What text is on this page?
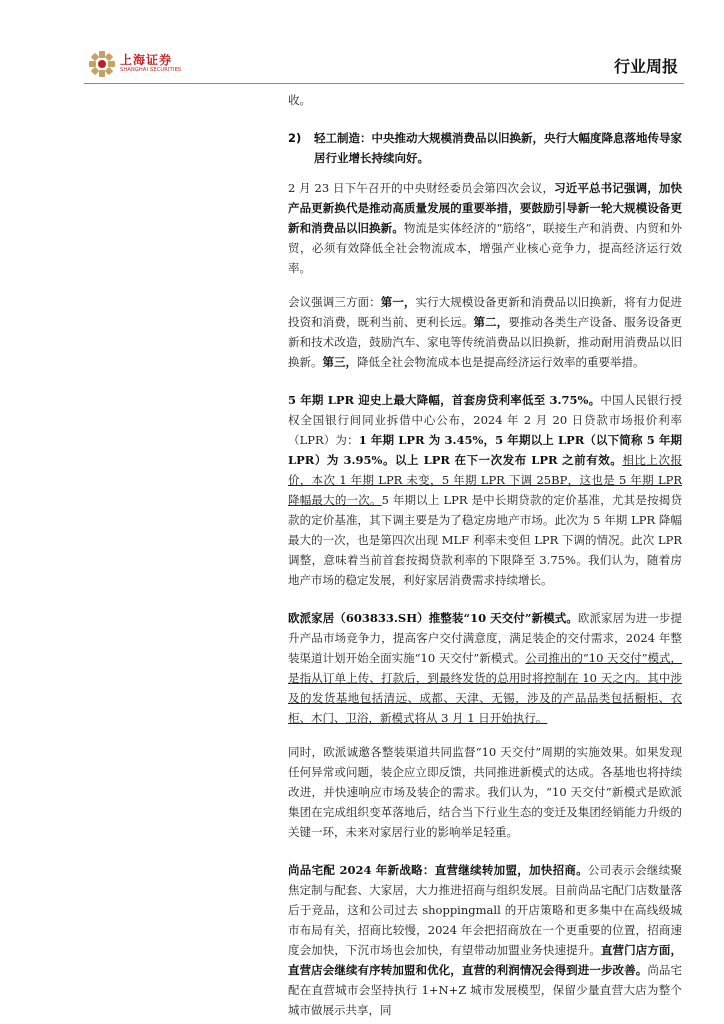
上海证券
SHANGHAI SECURITIES	行业周报

收。

2)	轻工制造：中央推动大规模消费品以旧换新，央行大幅度降息落地传导家居行业增长持续向好。

2 月 23 日下午召开的中央财经委员会第四次会议，习近平总书记强调，加快产品更新换代是推动高质量发展的重要举措，要鼓励引导新一轮大规模设备更新和消费品以旧换新。物流是实体经济的“筋络”，联接生产和消费、内贸和外贸，必须有效降低全社会物流成本，增强产业核心竞争力，提高经济运行效率。

会议强调三方面：第一，实行大规模设备更新和消费品以旧换新，将有力促进投资和消费，既利当前、更利长远。第二，要推动各类生产设备、服务设备更新和技术改造，鼓励汽车、家电等传统消费品以旧换新，推动耐用消费品以旧换新。第三，降低全社会物流成本也是提高经济运行效率的重要举措。

5 年期 LPR 迎史上最大降幅，首套房贷利率低至 3.75%。中国人民银行授权全国银行间同业拆借中心公布，2024 年 2 月 20 日贷款市场报价利率（LPR）为：1 年期 LPR 为 3.45%，5 年期以上 LPR（以下简称 5 年期 LPR）为 3.95%。以上 LPR 在下一次发布 LPR 之前有效。相比上次报价，本次 1 年期 LPR 未变，5 年期 LPR 下调 25BP，这也是 5 年期 LPR 降幅最大的一次。5 年期以上 LPR 是中长期贷款的定价基准，尤其是按揭贷款的定价基准，其下调主要是为了稳定房地产市场。此次为 5 年期 LPR 降幅最大的一次，也是第四次出现 MLF 利率未变但 LPR 下调的情况。此次 LPR 调整，意味着当前首套按揭贷款利率的下限降至 3.75%。我们认为，随着房地产市场的稳定发展，利好家居消费需求持续增长。

欧派家居（603833.SH）推整装“10 天交付”新模式。欧派家居为进一步提升产品市场竞争力，提高客户交付满意度，满足装企的交付需求，2024 年整装渠道计划开始全面实施“10 天交付”新模式。公司推出的“10 天交付”模式，是指从订单上传、打款后，到最终发货的总用时将控制在 10 天之内。其中涉及的发货基地包括清远、成都、天津、无锡，涉及的产品品类包括橱柜、衣柜、木门、卫浴，新模式将从 3 月 1 日开始执行。

同时，欧派诚邀各整装渠道共同监督“10 天交付”周期的实施效果。如果发现任何异常或问题，装企应立即反馈，共同推进新模式的达成。各基地也将持续改进，并快速响应市场及装企的需求。我们认为，“10 天交付”新模式是欧派集团在完成组织变革落地后，结合当下行业生态的变迁及集团经销能力升级的关键一环，未来对家居行业的影响举足轻重。

尚品宅配 2024 年新战略：直营继续转加盟，加快招商。公司表示会继续聚焦定制与配套、大家居，大力推进招商与组织发展。目前尚品宅配门店数量落后于竞品，这和公司过去 shoppingmall 的开店策略和更多集中在高线级城市布局有关，招商比较慢，2024 年会把招商放在一个更重要的位置，招商速度会加快，下沉市场也会加快，有望带动加盟业务快速提升。直营门店方面，直营店会继续有序转加盟和优化，直营的利润情况会得到进一步改善。尚品宅配在直营城市会坚持执行 1+N+Z 城市发展模型，保留少量直营大店为整个城市做展示共享，同
